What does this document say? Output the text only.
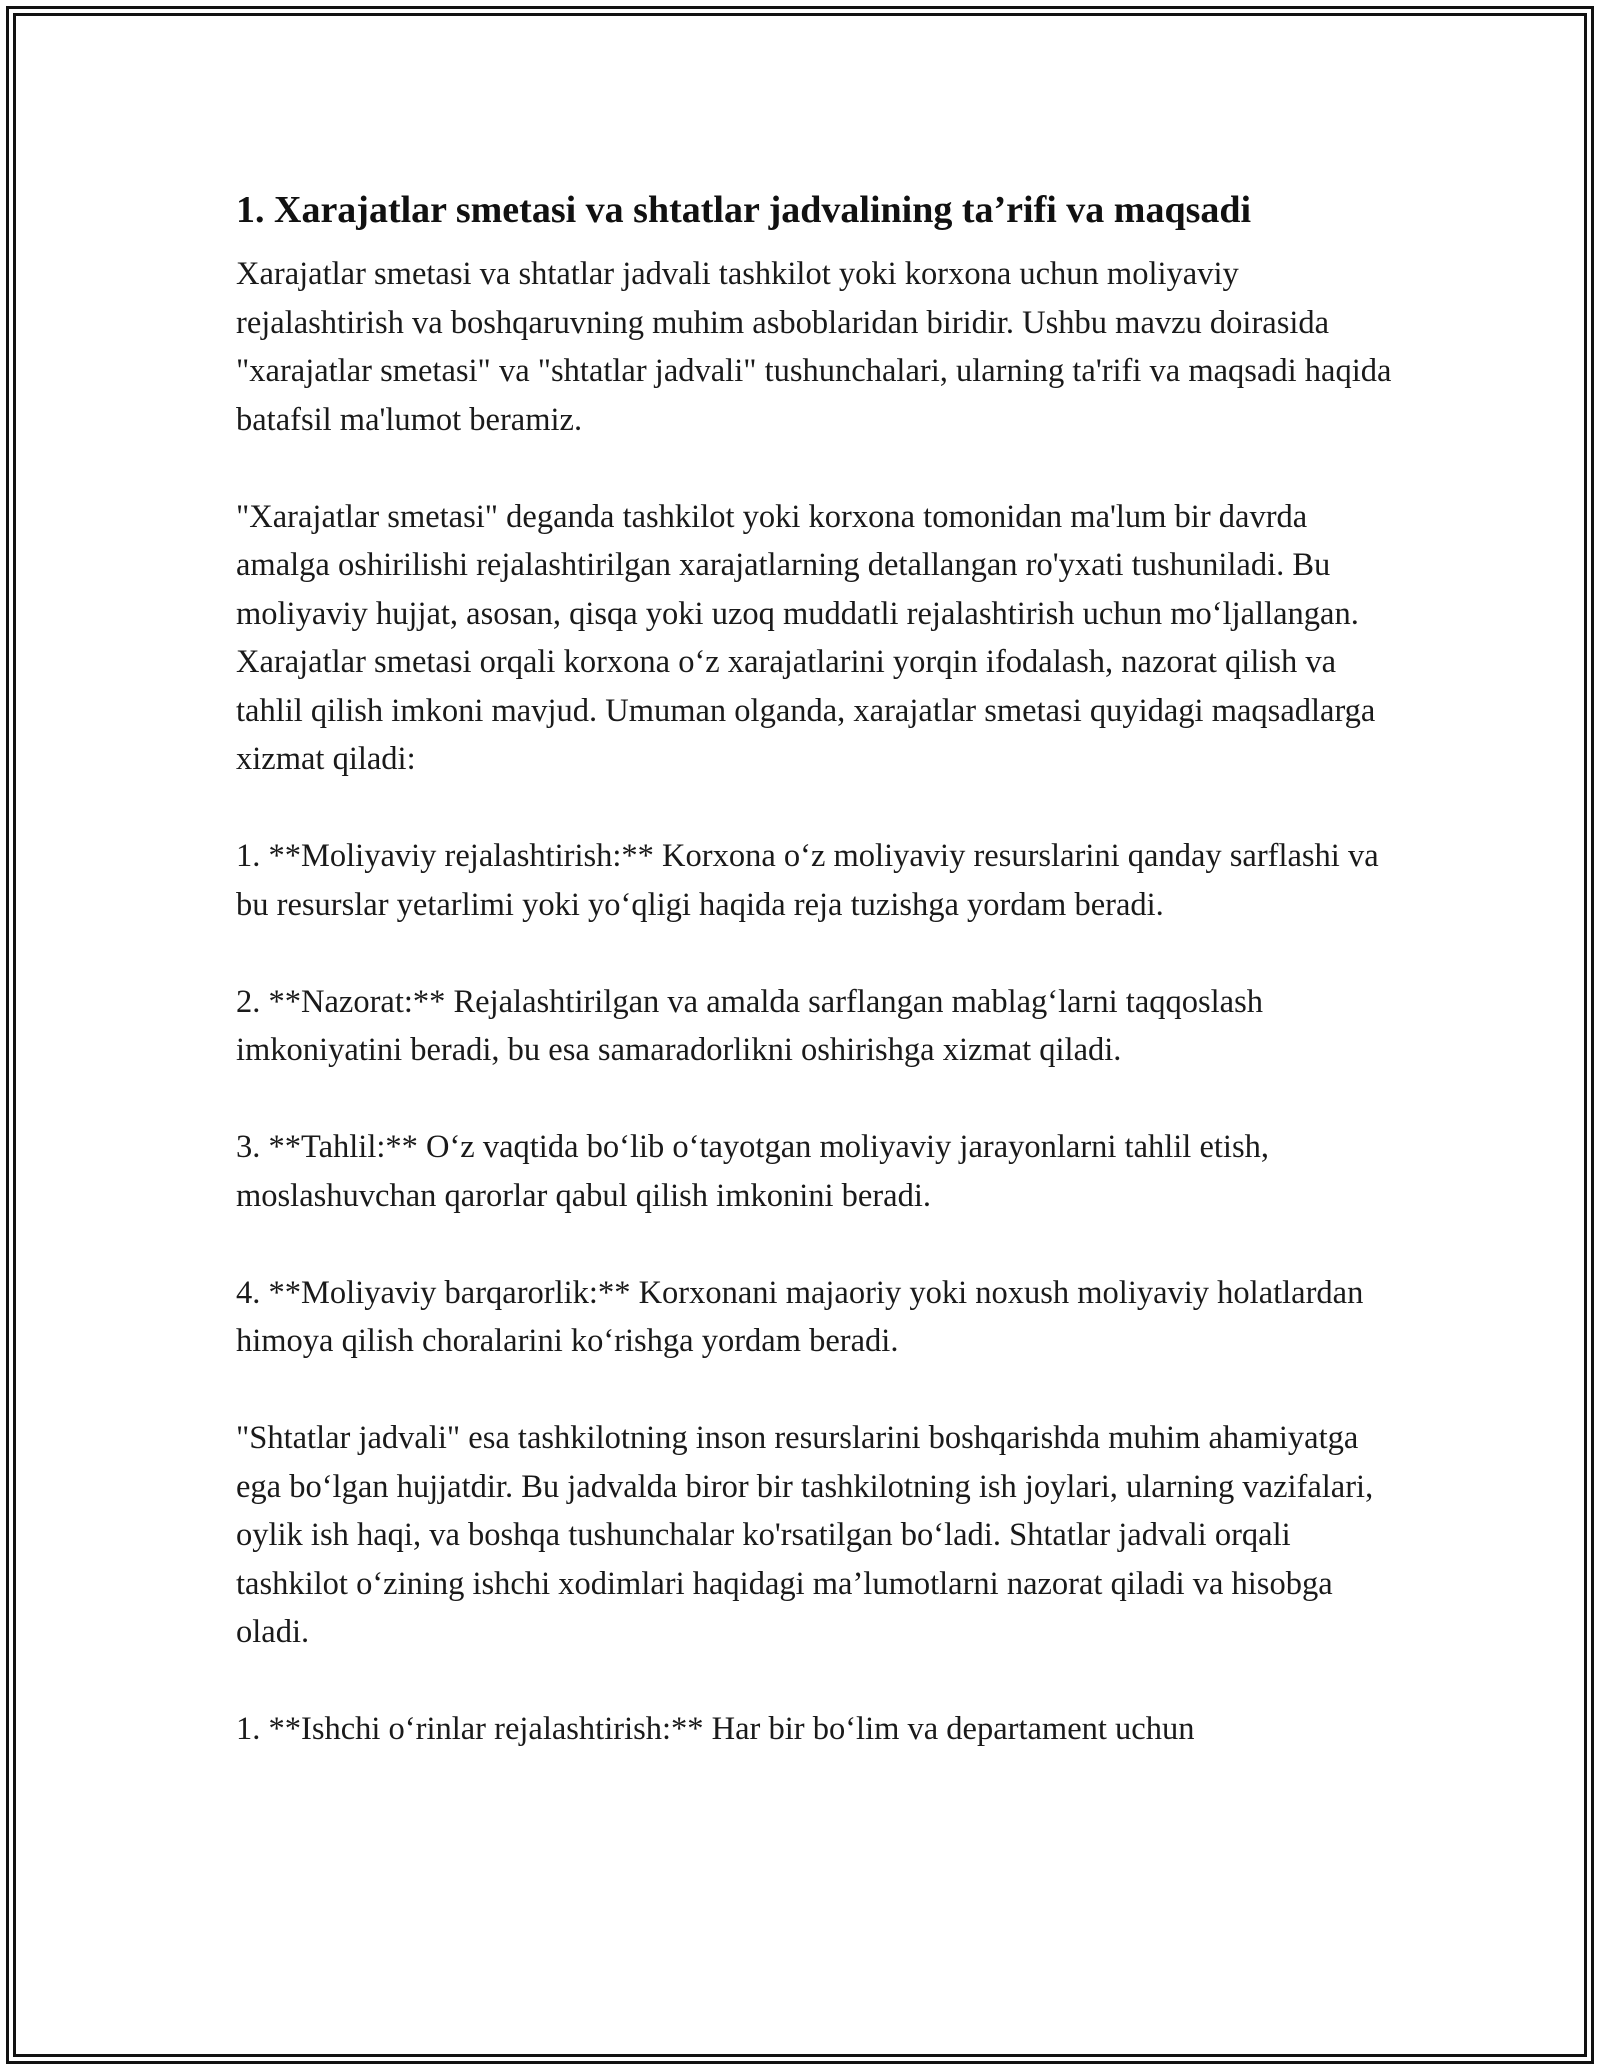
1. Xarajatlar smetasi va shtatlar jadvalining ta’rifi va maqsadi

Xarajatlar smetasi va shtatlar jadvali tashkilot yoki korxona uchun moliyaviy rejalashtirish va boshqaruvning muhim asboblaridan biridir. Ushbu mavzu doirasida "xarajatlar smetasi" va "shtatlar jadvali" tushunchalari, ularning ta'rifi va maqsadi haqida batafsil ma'lumot beramiz.

"Xarajatlar smetasi" deganda tashkilot yoki korxona tomonidan ma'lum bir davrda amalga oshirilishi rejalashtirilgan xarajatlarning detallangan ro'yxati tushuniladi. Bu moliyaviy hujjat, asosan, qisqa yoki uzoq muddatli rejalashtirish uchun mo‘ljallangan. Xarajatlar smetasi orqali korxona o‘z xarajatlarini yorqin ifodalash, nazorat qilish va tahlil qilish imkoni mavjud. Umuman olganda, xarajatlar smetasi quyidagi maqsadlarga xizmat qiladi:

1. **Moliyaviy rejalashtirish:** Korxona o‘z moliyaviy resurslarini qanday sarflashi va bu resurslar yetarlimi yoki yo‘qligi haqida reja tuzishga yordam beradi.

2. **Nazorat:** Rejalashtirilgan va amalda sarflangan mablag‘larni taqqoslash imkoniyatini beradi, bu esa samaradorlikni oshirishga xizmat qiladi.

3. **Tahlil:** O‘z vaqtida bo‘lib o‘tayotgan moliyaviy jarayonlarni tahlil etish, moslashuvchan qarorlar qabul qilish imkonini beradi.

4. **Moliyaviy barqarorlik:** Korxonani majaoriy yoki noxush moliyaviy holatlardan himoya qilish choralarini ko‘rishga yordam beradi.

"Shtatlar jadvali" esa tashkilotning inson resurslarini boshqarishda muhim ahamiyatga ega bo‘lgan hujjatdir. Bu jadvalda biror bir tashkilotning ish joylari, ularning vazifalari, oylik ish haqi, va boshqa tushunchalar ko'rsatilgan bo‘ladi. Shtatlar jadvali orqali tashkilot o‘zining ishchi xodimlari haqidagi ma’lumotlarni nazorat qiladi va hisobga oladi.

1. **Ishchi o‘rinlar rejalashtirish:** Har bir bo‘lim va departament uchun
